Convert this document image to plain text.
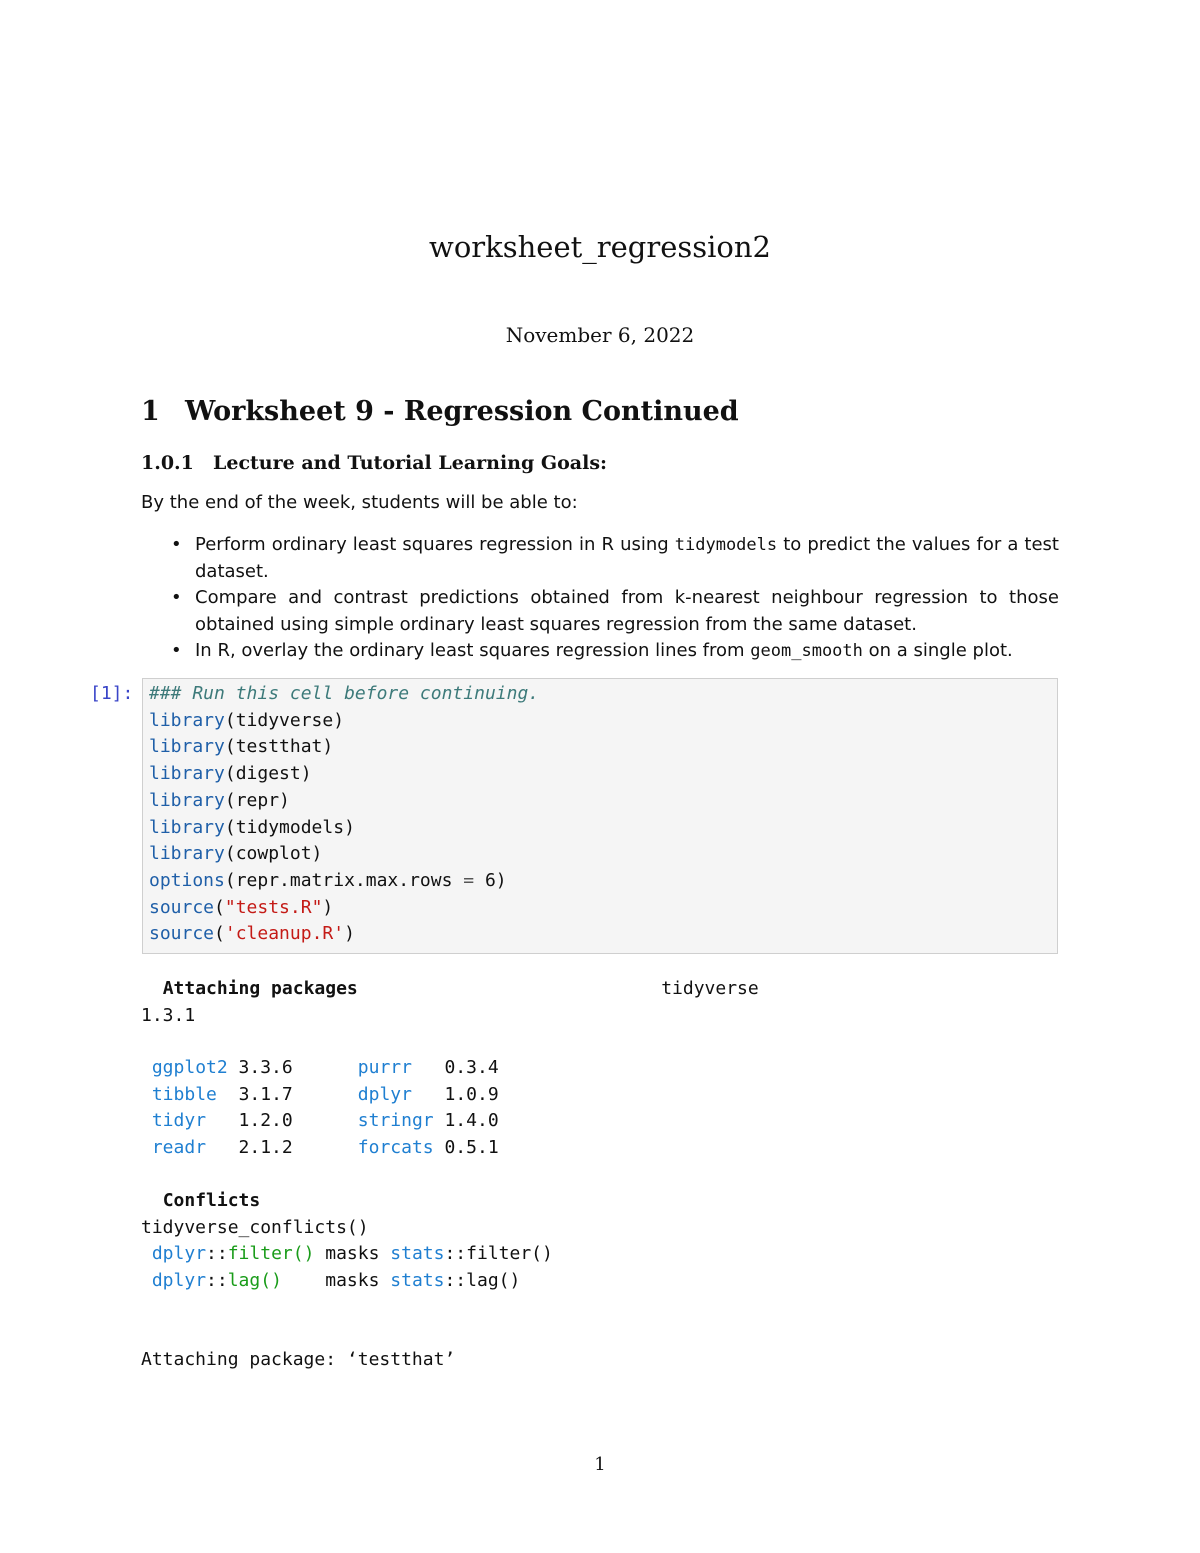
worksheet_regression2
November 6, 2022
1 Worksheet 9 - Regression Continued
1.0.1 Lecture and Tutorial Learning Goals:

By the end of the week, students will be able to:

• Perform ordinary least squares regression in R using tidymodels to predict the values for a test dataset.
• Compare and contrast predictions obtained from k-nearest neighbour regression to those obtained using simple ordinary least squares regression from the same dataset.
• In R, overlay the ordinary least squares regression lines from geom_smooth on a single plot.
[1]: ### Run this cell before continuing.
library(tidyverse)
library(testthat)
library(digest)
library(repr)
library(tidymodels)
library(cowplot)
options(repr.matrix.max.rows = 6)
source("tests.R")
source('cleanup.R')
Attaching packages	tidyverse
1.3.1
ggplot2 3.3.6	purrr 0.3.4
tibble 3.1.7	dplyr 1.0.9
tidyr 1.2.0	stringr 1.4.0
readr 2.1.2	forcats 0.5.1
Conflicts
tidyverse_conflicts()
dplyr::filter() masks stats::filter()
dplyr::lag()    masks stats::lag()
Attaching package: ‘testthat’
1
